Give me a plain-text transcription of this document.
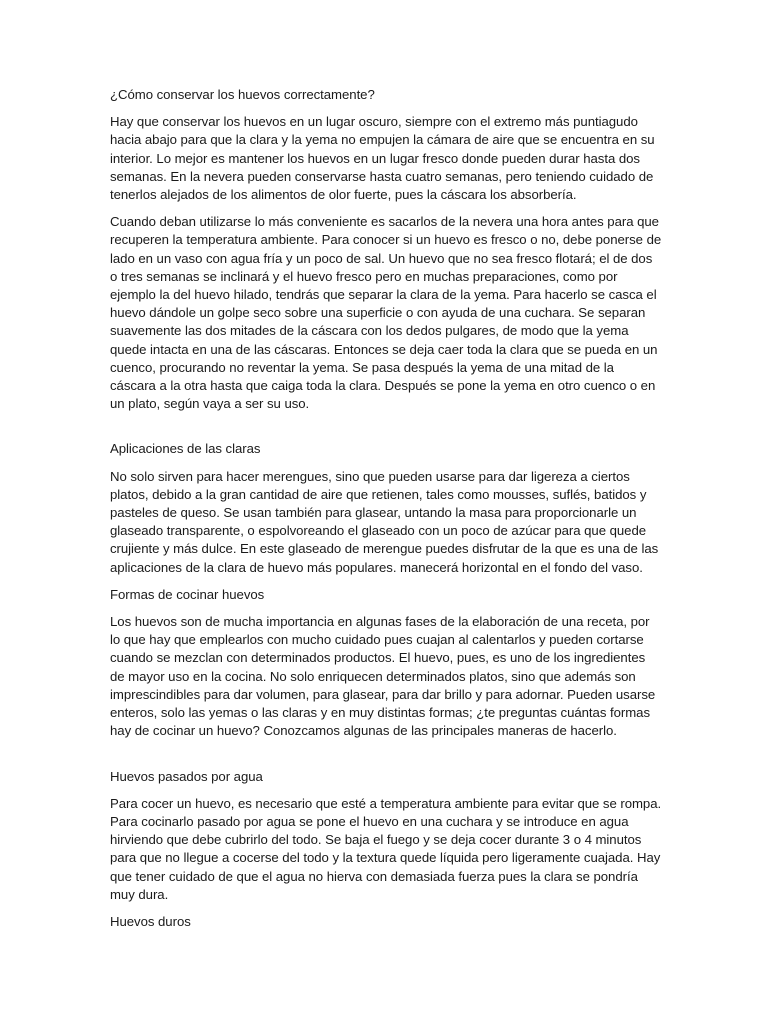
¿Cómo conservar los huevos correctamente?

Hay que conservar los huevos en un lugar oscuro, siempre con el extremo más puntiagudo hacia abajo para que la clara y la yema no empujen la cámara de aire que se encuentra en su interior. Lo mejor es mantener los huevos en un lugar fresco donde pueden durar hasta dos semanas. En la nevera pueden conservarse hasta cuatro semanas, pero teniendo cuidado de tenerlos alejados de los alimentos de olor fuerte, pues la cáscara los absorbería.

Cuando deban utilizarse lo más conveniente es sacarlos de la nevera una hora antes para que recuperen la temperatura ambiente. Para conocer si un huevo es fresco o no, debe ponerse de lado en un vaso con agua fría y un poco de sal. Un huevo que no sea fresco flotará; el de dos o tres semanas se inclinará y el huevo fresco pero en muchas preparaciones, como por ejemplo la del huevo hilado, tendrás que separar la clara de la yema. Para hacerlo se casca el huevo dándole un golpe seco sobre una superficie o con ayuda de una cuchara. Se separan suavemente las dos mitades de la cáscara con los dedos pulgares, de modo que la yema quede intacta en una de las cáscaras. Entonces se deja caer toda la clara que se pueda en un cuenco, procurando no reventar la yema. Se pasa después la yema de una mitad de la cáscara a la otra hasta que caiga toda la clara. Después se pone la yema en otro cuenco o en un plato, según vaya a ser su uso.

Aplicaciones de las claras

No solo sirven para hacer merengues, sino que pueden usarse para dar ligereza a ciertos platos, debido a la gran cantidad de aire que retienen, tales como mousses, suflés, batidos y pasteles de queso. Se usan también para glasear, untando la masa para proporcionarle un glaseado transparente, o espolvoreando el glaseado con un poco de azúcar para que quede crujiente y más dulce. En este glaseado de merengue puedes disfrutar de la que es una de las aplicaciones de la clara de huevo más populares. manecerá horizontal en el fondo del vaso.

Formas de cocinar huevos

Los huevos son de mucha importancia en algunas fases de la elaboración de una receta, por lo que hay que emplearlos con mucho cuidado pues cuajan al calentarlos y pueden cortarse cuando se mezclan con determinados productos. El huevo, pues, es uno de los ingredientes de mayor uso en la cocina. No solo enriquecen determinados platos, sino que además son imprescindibles para dar volumen, para glasear, para dar brillo y para adornar. Pueden usarse enteros, solo las yemas o las claras y en muy distintas formas; ¿te preguntas cuántas formas hay de cocinar un huevo? Conozcamos algunas de las principales maneras de hacerlo.

Huevos pasados por agua

Para cocer un huevo, es necesario que esté a temperatura ambiente para evitar que se rompa. Para cocinarlo pasado por agua se pone el huevo en una cuchara y se introduce en agua hirviendo que debe cubrirlo del todo. Se baja el fuego y se deja cocer durante 3 o 4 minutos para que no llegue a cocerse del todo y la textura quede líquida pero ligeramente cuajada. Hay que tener cuidado de que el agua no hierva con demasiada fuerza pues la clara se pondría muy dura.

Huevos duros
